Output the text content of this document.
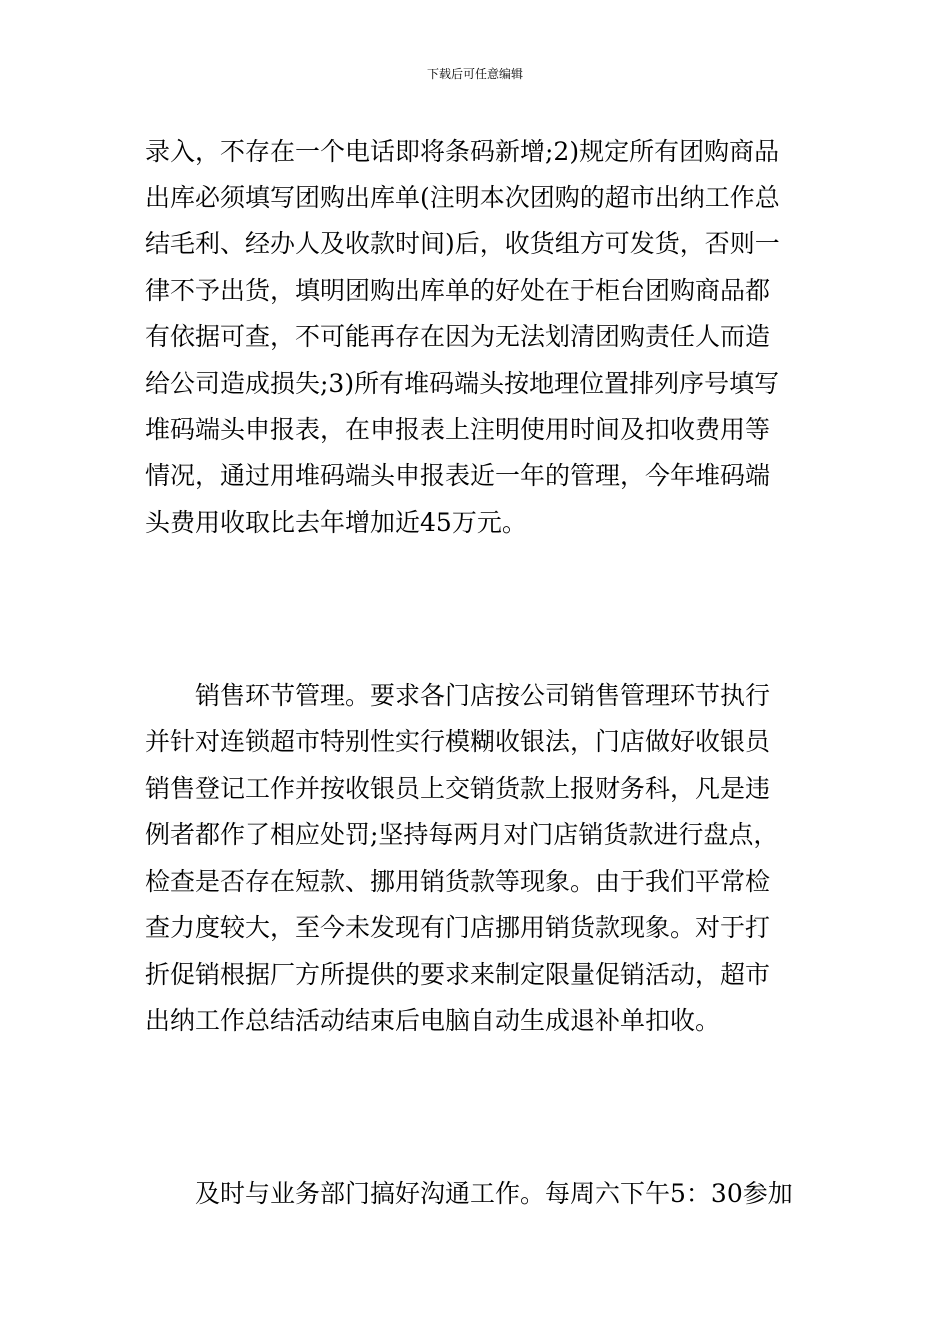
下载后可任意编辑
录入，不存在一个电话即将条码新增;2)规定所有团购商品
出库必须填写团购出库单(注明本次团购的超市出纳工作总
结毛利、经办人及收款时间)后，收货组方可发货，否则一
律不予出货，填明团购出库单的好处在于柜台团购商品都
有依据可查，不可能再存在因为无法划清团购责任人而造
给公司造成损失;3)所有堆码端头按地理位置排列序号填写
堆码端头申报表，在申报表上注明使用时间及扣收费用等
情况，通过用堆码端头申报表近一年的管理，今年堆码端
头费用收取比去年增加近45万元。
销售环节管理。要求各门店按公司销售管理环节执行
并针对连锁超市特别性实行模糊收银法，门店做好收银员
销售登记工作并按收银员上交销货款上报财务科，凡是违
例者都作了相应处罚;坚持每两月对门店销货款进行盘点，
检查是否存在短款、挪用销货款等现象。由于我们平常检
查力度较大，至今未发现有门店挪用销货款现象。对于打
折促销根据厂方所提供的要求来制定限量促销活动，超市
出纳工作总结活动结束后电脑自动生成退补单扣收。
及时与业务部门搞好沟通工作。每周六下午5：30参加
